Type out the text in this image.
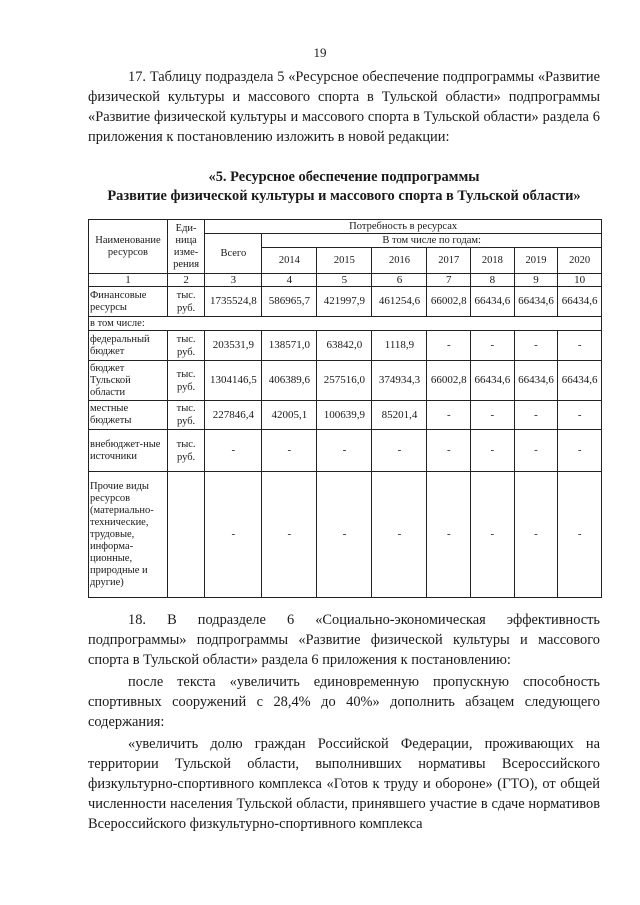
19

17. Таблицу подраздела 5 «Ресурсное обеспечение подпрограммы «Развитие физической культуры и массового спорта в Тульской области» подпрограммы «Развитие физической культуры и массового спорта в Тульской области» раздела 6 приложения к постановлению изложить в новой редакции:

«5. Ресурсное обеспечение подпрограммы
Развитие физической культуры и массового спорта в Тульской области»
Наименование ресурсов	Еди-ница изме-рения	Потребность в ресурсах							
		Всего	В том числе по годам:						
			2014	2015	2016	2017	2018	2019	2020
1	2	3	4	5	6	7	8	9	10
Финансовые ресурсы	тыс. руб.	1735524,8	586965,7	421997,9	461254,6	66002,8	66434,6	66434,6	66434,6
в том числе:									
федеральный бюджет	тыс. руб.	203531,9	138571,0	63842,0	1118,9	-	-	-	-
бюджет Тульской области	тыс. руб.	1304146,5	406389,6	257516,0	374934,3	66002,8	66434,6	66434,6	66434,6
местные бюджеты	тыс. руб.	227846,4	42005,1	100639,9	85201,4	-	-	-	-
внебюджет-ные источники	тыс. руб.	-	-	-	-	-	-	-	-
Прочие виды ресурсов (материально-технические, трудовые, информа-ционные, природные и другие)		-	-	-	-	-	-	-	-

18. В подразделе 6 «Социально-экономическая эффективность подпрограммы» подпрограммы «Развитие физической культуры и массового спорта в Тульской области» раздела 6 приложения к постановлению:

после текста «увеличить единовременную пропускную способность спортивных сооружений с 28,4% до 40%» дополнить абзацем следующего содержания:

«увеличить долю граждан Российской Федерации, проживающих на территории Тульской области, выполнивших нормативы Всероссийского физкультурно-спортивного комплекса «Готов к труду и обороне» (ГТО), от общей численности населения Тульской области, принявшего участие в сдаче нормативов Всероссийского физкультурно-спортивного комплекса
